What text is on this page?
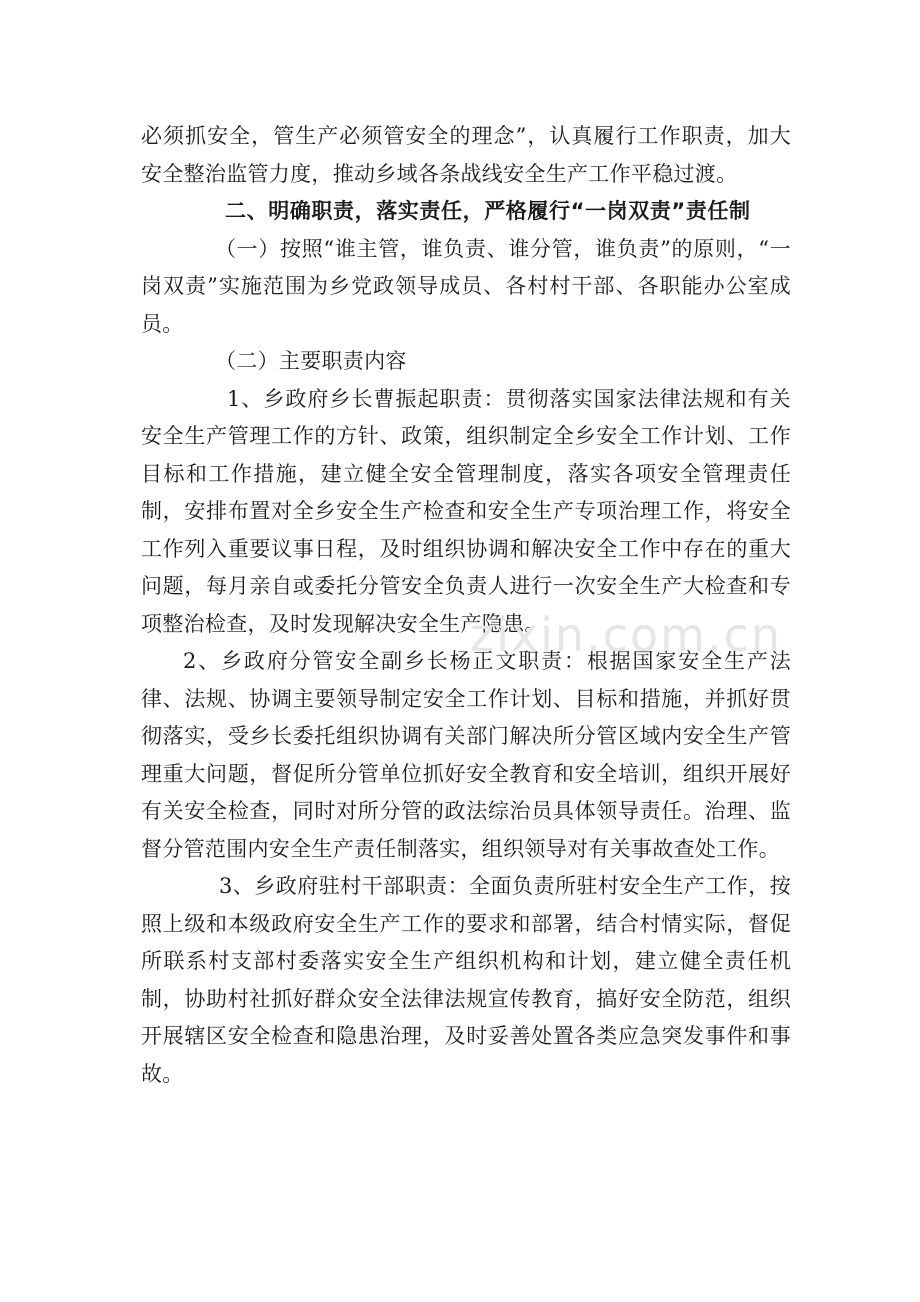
必须抓安全，管生产必须管安全的理念”，认真履行工作职责，加大安全整治监管力度，推动乡域各条战线安全生产工作平稳过渡。

二、明确职责，落实责任，严格履行“一岗双责”责任制

（一）按照“谁主管，谁负责、谁分管，谁负责”的原则，“一岗双责”实施范围为乡党政领导成员、各村村干部、各职能办公室成员。

（二）主要职责内容

1、乡政府乡长曹振起职责：贯彻落实国家法律法规和有关安全生产管理工作的方针、政策，组织制定全乡安全工作计划、工作目标和工作措施，建立健全安全管理制度，落实各项安全管理责任制，安排布置对全乡安全生产检查和安全生产专项治理工作，将安全工作列入重要议事日程，及时组织协调和解决安全工作中存在的重大问题，每月亲自或委托分管安全负责人进行一次安全生产大检查和专项整治检查，及时发现解决安全生产隐患。

2、乡政府分管安全副乡长杨正文职责：根据国家安全生产法律、法规、协调主要领导制定安全工作计划、目标和措施，并抓好贯彻落实，受乡长委托组织协调有关部门解决所分管区域内安全生产管理重大问题，督促所分管单位抓好安全教育和安全培训，组织开展好有关安全检查，同时对所分管的政法综治员具体领导责任。治理、监督分管范围内安全生产责任制落实，组织领导对有关事故查处工作。

3、乡政府驻村干部职责：全面负责所驻村安全生产工作，按照上级和本级政府安全生产工作的要求和部署，结合村情实际，督促所联系村支部村委落实安全生产组织机构和计划，建立健全责任机制，协助村社抓好群众安全法律法规宣传教育，搞好安全防范，组织开展辖区安全检查和隐患治理，及时妥善处置各类应急突发事件和事故。

zixin.com.cn
